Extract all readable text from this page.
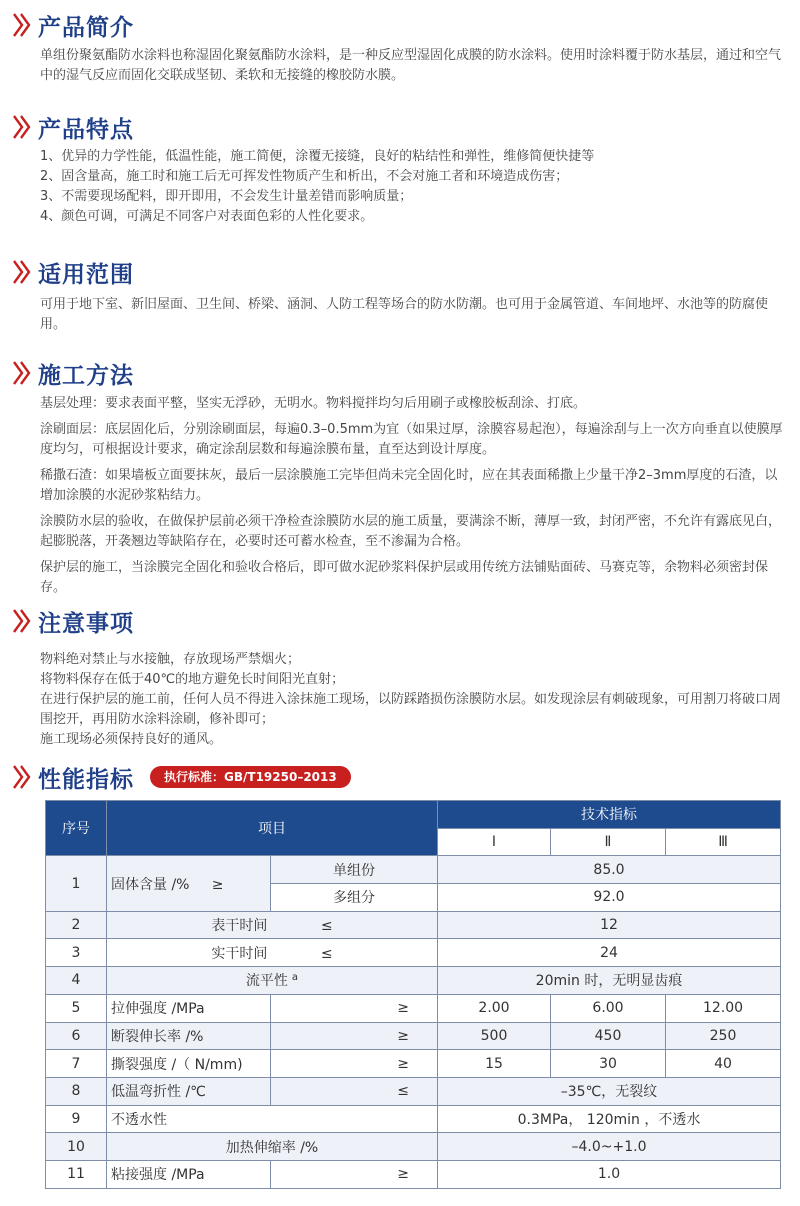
产品简介

单组份聚氨酯防水涂料也称湿固化聚氨酯防水涂料，是一种反应型湿固化成膜的防水涂料。使用时涂料覆于防水基层，通过和空气中的湿气反应而固化交联成坚韧、柔软和无接缝的橡胶防水膜。

产品特点

1、优异的力学性能，低温性能，施工简便，涂覆无接缝，良好的粘结性和弹性，维修简便快捷等

2、固含量高，施工时和施工后无可挥发性物质产生和析出，不会对施工者和环境造成伤害；

3、不需要现场配料，即开即用，不会发生计量差错而影响质量；

4、颜色可调，可满足不同客户对表面色彩的人性化要求。

适用范围

可用于地下室、新旧屋面、卫生间、桥梁、涵洞、人防工程等场合的防水防潮。也可用于金属管道、车间地坪、水池等的防腐使用。

施工方法

基层处理：要求表面平整，坚实无浮砂，无明水。物料搅拌均匀后用刷子或橡胶板刮涂、打底。

涂刷面层：底层固化后，分别涂刷面层，每遍0.3–0.5mm为宜（如果过厚，涂膜容易起泡），每遍涂刮与上一次方向垂直以使膜厚度均匀，可根据设计要求，确定涂刮层数和每遍涂膜布量，直至达到设计厚度。

稀撒石渣：如果墙板立面要抹灰，最后一层涂膜施工完毕但尚未完全固化时，应在其表面稀撒上少量干净2–3mm厚度的石渣，以增加涂膜的水泥砂浆粘结力。

涂膜防水层的验收，在做保护层前必须干净检查涂膜防水层的施工质量，要满涂不断，薄厚一致，封闭严密，不允许有露底见白，起膨脱落，开袭翘边等缺陷存在，必要时还可蓄水检查，至不渗漏为合格。

保护层的施工，当涂膜完全固化和验收合格后，即可做水泥砂浆料保护层或用传统方法铺贴面砖、马赛克等，余物料必须密封保存。

注意事项

物料绝对禁止与水接触，存放现场严禁烟火；

将物料保存在低于40℃的地方避免长时间阳光直射；

在进行保护层的施工前，任何人员不得进入涂抹施工现场，以防踩踏损伤涂膜防水层。如发现涂层有刺破现象，可用割刀将破口周围挖开，再用防水涂料涂刷，修补即可；

施工现场必须保持良好的通风。

性能指标	执行标准：GB/T19250–2013
序号	项目		技术指标		
			Ⅰ	Ⅱ	Ⅲ
1	固体含量 /% ≥	单组份	85.0		
		多组分	92.0		
2	表干时间 ≤		12		
3	实干时间 ≤		24		
4	流平性 $^a$		20min 时，无明显齿痕		
5	拉伸强度 /MPa	≥	2.00	6.00	12.00
6	断裂伸长率 /%	≥	500	450	250
7	撕裂强度 /（ N/mm)	≥	15	30	40
8	低温弯折性 /℃	≤	–35℃，无裂纹		
9	不透水性		0.3MPa， 120min ，不透水		
10	加热伸缩率 /%		–4.0~+1.0		
11	粘接强度 /MPa	≥	1.0		
